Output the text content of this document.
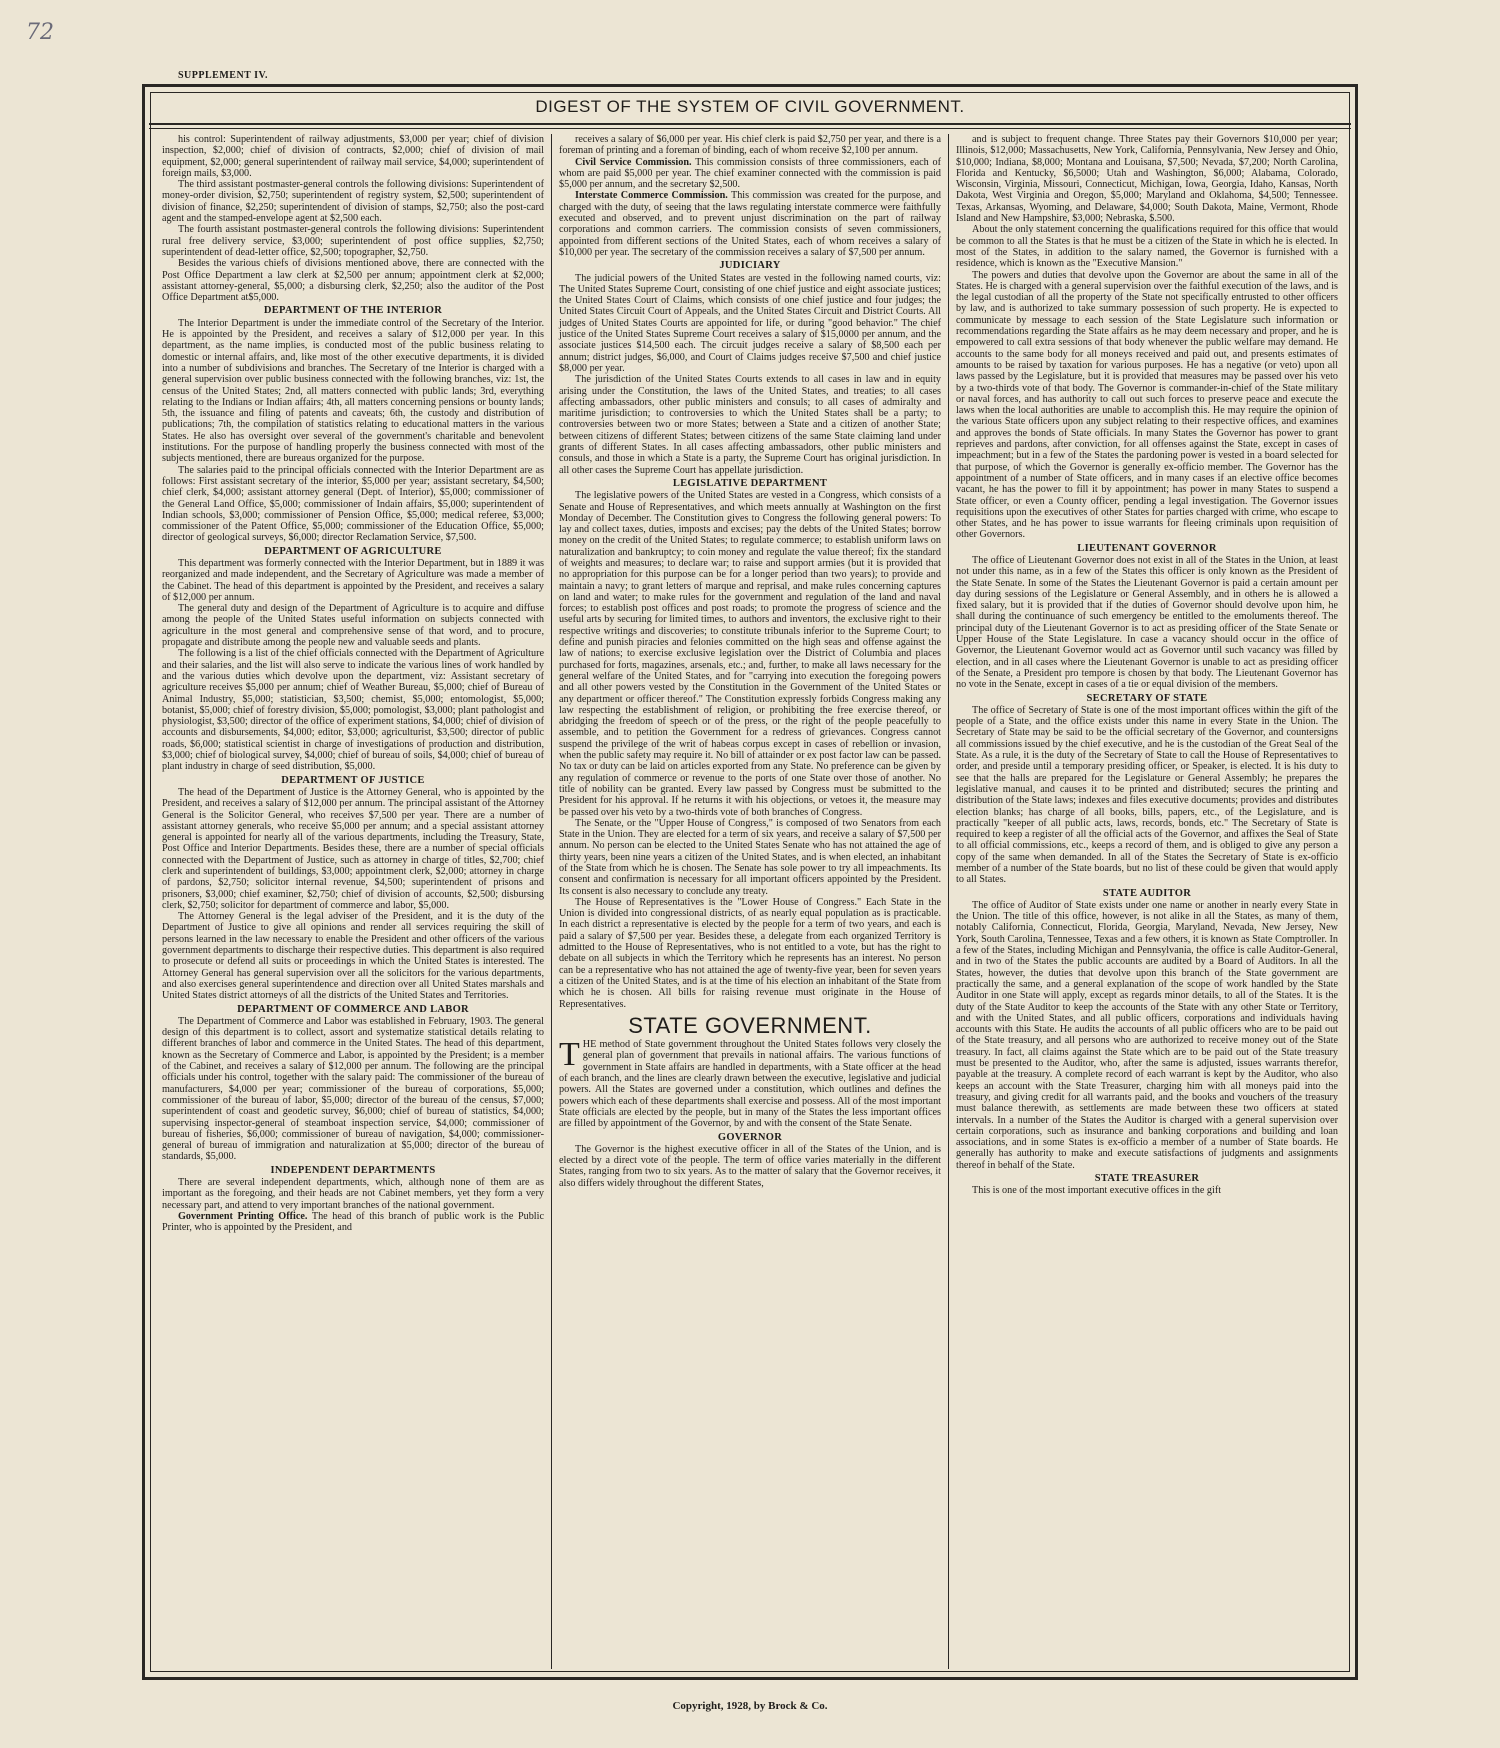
72
SUPPLEMENT IV.
DIGEST OF THE SYSTEM OF CIVIL GOVERNMENT.

his control: Superintendent of railway adjustments, $3,000 per year; chief of division inspection, $2,000; chief of division of contracts, $2,000; chief of division of mail equipment, $2,000; general superintendent of railway mail service, $4,000; superintendent of foreign mails, $3,000.

The third assistant postmaster-general controls the following divisions: Superintendent of money-order division, $2,750; superintendent of registry system, $2,500; superintendent of division of finance, $2,250; superintendent of division of stamps, $2,750; also the post-card agent and the stamped-envelope agent at $2,500 each.

The fourth assistant postmaster-general controls the following divisions: Superintendent rural free delivery service, $3,000; superintendent of post office supplies, $2,750; superintendent of dead-letter office, $2,500; topographer, $2,750.

Besides the various chiefs of divisions mentioned above, there are connected with the Post Office Department a law clerk at $2,500 per annum; appointment clerk at $2,000; assistant attorney-general, $5,000; a disbursing clerk, $2,250; also the auditor of the Post Office Department at$5,000.

DEPARTMENT OF THE INTERIOR

The Interior Department is under the immediate control of the Secretary of the Interior. He is appointed by the President, and receives a salary of $12,000 per year. In this department, as the name implies, is conducted most of the public business relating to domestic or internal affairs, and, like most of the other executive departments, it is divided into a number of subdivisions and branches. The Secretary of tne Interior is charged with a general supervision over public business connected with the following branches, viz: 1st, the census of the United States; 2nd, all matters connected with public lands; 3rd, everything relating to the Indians or Indian affairs; 4th, all matters concerning pensions or bounty lands; 5th, the issuance and filing of patents and caveats; 6th, the custody and distribution of publications; 7th, the compilation of statistics relating to educational matters in the various States. He also has oversight over several of the government's charitable and benevolent institutions. For the purpose of handling properly the business connected with most of the subjects mentioned, there are bureaus organized for the purpose.

The salaries paid to the principal officials connected with the Interior Department are as follows: First assistant secretary of the interior, $5,000 per year; assistant secretary, $4,500; chief clerk, $4,000; assistant attorney general (Dept. of Interior), $5,000; commissioner of the General Land Office, $5,000; commissioner of Indain affairs, $5,000; superintendent of Indian schools, $3,000; commissioner of Pension Office, $5,000; medical referee, $3,000; commissioner of the Patent Office, $5,000; commissioner of the Education Office, $5,000; director of geological surveys, $6,000; director Reclamation Service, $7,500.

DEPARTMENT OF AGRICULTURE

This department was formerly connected with the Interior Department, but in 1889 it was reorganized and made independent, and the Secretary of Agriculture was made a member of the Cabinet. The head of this department is appointed by the President, and receives a salary of $12,000 per annum.

The general duty and design of the Department of Agriculture is to acquire and diffuse among the people of the United States useful information on subjects connected with agriculture in the most general and comprehensive sense of that word, and to procure, propagate and distribute among the people new and valuable seeds and plants.

The following is a list of the chief officials connected with the Department of Agriculture and their salaries, and the list will also serve to indicate the various lines of work handled by and the various duties which devolve upon the department, viz: Assistant secretary of agriculture receives $5,000 per annum; chief of Weather Bureau, $5,000; chief of Bureau of Animal Industry, $5,000; statistician, $3,500; chemist, $5,000; entomologist, $5,000; botanist, $5,000; chief of forestry division, $5,000; pomologist, $3,000; plant pathologist and physiologist, $3,500; director of the office of experiment stations, $4,000; chief of division of accounts and disbursements, $4,000; editor, $3,000; agriculturist, $3,500; director of public roads, $6,000; statistical scientist in charge of investigations of production and distribution, $3,000; chief of biological survey, $4,000; chief of bureau of soils, $4,000; chief of bureau of plant industry in charge of seed distribution, $5,000.

DEPARTMENT OF JUSTICE

The head of the Department of Justice is the Attorney General, who is appointed by the President, and receives a salary of $12,000 per annum. The principal assistant of the Attorney General is the Solicitor General, who receives $7,500 per year. There are a number of assistant attorney generals, who receive $5,000 per annum; and a special assistant attorney general is appointed for nearly all of the various departments, including the Treasury, State, Post Office and Interior Departments. Besides these, there are a number of special officials connected with the Department of Justice, such as attorney in charge of titles, $2,700; chief clerk and superintendent of buildings, $3,000; appointment clerk, $2,000; attorney in charge of pardons, $2,750; solicitor internal revenue, $4,500; superintendent of prisons and prisoners, $3,000; chief examiner, $2,750; chief of division of accounts, $2,500; disbursing clerk, $2,750; solicitor for department of commerce and labor, $5,000.

The Attorney General is the legal adviser of the President, and it is the duty of the Department of Justice to give all opinions and render all services requiring the skill of persons learned in the law necessary to enable the President and other officers of the various government departments to discharge their respective duties. This department is also required to prosecute or defend all suits or proceedings in which the United States is interested. The Attorney General has general supervision over all the solicitors for the various departments, and also exercises general superintendence and direction over all United States marshals and United States district attorneys of all the districts of the United States and Territories.

DEPARTMENT OF COMMERCE AND LABOR

The Department of Commerce and Labor was established in February, 1903. The general design of this department is to collect, assort and systematize statistical details relating to different branches of labor and commerce in the United States. The head of this department, known as the Secretary of Commerce and Labor, is appointed by the President; is a member of the Cabinet, and receives a salary of $12,000 per annum. The following are the principal officials under his control, together with the salary paid: The commissioner of the bureau of manufacturers, $4,000 per year; commissioner of the bureau of corporations, $5,000; commissioner of the bureau of labor, $5,000; director of the bureau of the census, $7,000; superintendent of coast and geodetic survey, $6,000; chief of bureau of statistics, $4,000; supervising inspector-general of steamboat inspection service, $4,000; commissioner of bureau of fisheries, $6,000; commissioner of bureau of navigation, $4,000; commissioner-general of bureau of immigration and naturalization at $5,000; director of the bureau of standards, $5,000.

INDEPENDENT DEPARTMENTS

There are several independent departments, which, although none of them are as important as the foregoing, and their heads are not Cabinet members, yet they form a very necessary part, and attend to very important branches of the national government.

Government Printing Office. The head of this branch of public work is the Public Printer, who is appointed by the President, and

receives a salary of $6,000 per year. His chief clerk is paid $2,750 per year, and there is a foreman of printing and a foreman of binding, each of whom receive $2,100 per annum.

Civil Service Commission. This commission consists of three commissioners, each of whom are paid $5,000 per year. The chief examiner connected with the commission is paid $5,000 per annum, and the secretary $2,500.

Interstate Commerce Commission. This commission was created for the purpose, and charged with the duty, of seeing that the laws regulating interstate commerce were faithfully executed and observed, and to prevent unjust discrimination on the part of railway corporations and common carriers. The commission consists of seven commissioners, appointed from different sections of the United States, each of whom receives a salary of $10,000 per year. The secretary of the commission receives a salary of $7,500 per annum.

JUDICIARY

The judicial powers of the United States are vested in the following named courts, viz: The United States Supreme Court, consisting of one chief justice and eight associate justices; the United States Court of Claims, which consists of one chief justice and four judges; the United States Circuit Court of Appeals, and the United States Circuit and District Courts. All judges of United States Courts are appointed for life, or during "good behavior." The chief justice of the United States Supreme Court receives a salary of $15,0000 per annum, and the associate justices $14,500 each. The circuit judges receive a salary of $8,500 each per annum; district judges, $6,000, and Court of Claims judges receive $7,500 and chief justice $8,000 per year.

The jurisdiction of the United States Courts extends to all cases in law and in equity arising under the Constitution, the laws of the United States, and treaties; to all cases affecting ambassadors, other public ministers and consuls; to all cases of admiralty and maritime jurisdiction; to controversies to which the United States shall be a party; to controversies between two or more States; between a State and a citizen of another State; between citizens of different States; between citizens of the same State claiming land under grants of different States. In all cases affecting ambassadors, other public ministers and consuls, and those in which a State is a party, the Supreme Court has original jurisdiction. In all other cases the Supreme Court has appellate jurisdiction.

LEGISLATIVE DEPARTMENT

The legislative powers of the United States are vested in a Congress, which consists of a Senate and House of Representatives, and which meets annually at Washington on the first Monday of December. The Constitution gives to Congress the following general powers: To lay and collect taxes, duties, imposts and excises; pay the debts of the United States; borrow money on the credit of the United States; to regulate commerce; to establish uniform laws on naturalization and bankruptcy; to coin money and regulate the value thereof; fix the standard of weights and measures; to declare war; to raise and support armies (but it is provided that no appropriation for this purpose can be for a longer period than two years); to provide and maintain a navy; to grant letters of marque and reprisal, and make rules concerning captures on land and water; to make rules for the government and regulation of the land and naval forces; to establish post offices and post roads; to promote the progress of science and the useful arts by securing for limited times, to authors and inventors, the exclusive right to their respective writings and discoveries; to constitute tribunals inferior to the Supreme Court; to define and punish piracies and felonies committed on the high seas and offense against the law of nations; to exercise exclusive legislation over the District of Columbia and places purchased for forts, magazines, arsenals, etc.; and, further, to make all laws necessary for the general welfare of the United States, and for "carrying into execution the foregoing powers and all other powers vested by the Constitution in the Government of the United States or any department or officer thereof." The Constitution expressly forbids Congress making any law respecting the establishment of religion, or prohibiting the free exercise thereof, or abridging the freedom of speech or of the press, or the right of the people peacefully to assemble, and to petition the Government for a redress of grievances. Congress cannot suspend the privilege of the writ of habeas corpus except in cases of rebellion or invasion, when the public safety may require it. No bill of attainder or ex post factor law can be passed. No tax or duty can be laid on articles exported from any State. No preference can be given by any regulation of commerce or revenue to the ports of one State over those of another. No title of nobility can be granted. Every law passed by Congress must be submitted to the President for his approval. If he returns it with his objections, or vetoes it, the measure may be passed over his veto by a two-thirds vote of both branches of Congress.

The Senate, or the "Upper House of Congress," is composed of two Senators from each State in the Union. They are elected for a term of six years, and receive a salary of $7,500 per annum. No person can be elected to the United States Senate who has not attained the age of thirty years, been nine years a citizen of the United States, and is when elected, an inhabitant of the State from which he is chosen. The Senate has sole power to try all impeachments. Its consent and confirmation is necessary for all important officers appointed by the President. Its consent is also necessary to conclude any treaty.

The House of Representatives is the "Lower House of Congress." Each State in the Union is divided into congressional districts, of as nearly equal population as is practicable. In each district a representative is elected by the people for a term of two years, and each is paid a salary of $7,500 per year. Besides these, a delegate from each organized Territory is admitted to the House of Representatives, who is not entitled to a vote, but has the right to debate on all subjects in which the Territory which he represents has an interest. No person can be a representative who has not attained the age of twenty-five year, been for seven years a citizen of the United States, and is at the time of his election an inhabitant of the State from which he is chosen. All bills for raising revenue must originate in the House of Representatives.

STATE GOVERNMENT.

THE method of State government throughout the United States follows very closely the general plan of government that prevails in national affairs. The various functions of government in State affairs are handled in departments, with a State officer at the head of each branch, and the lines are clearly drawn between the executive, legislative and judicial powers. All the States are governed under a constitution, which outlines and defines the powers which each of these departments shall exercise and possess. All of the most important State officials are elected by the people, but in many of the States the less important offices are filled by appointment of the Governor, by and with the consent of the State Senate.

GOVERNOR

The Governor is the highest executive officer in all of the States of the Union, and is elected by a direct vote of the people. The term of office varies materially in the different States, ranging from two to six years. As to the matter of salary that the Governor receives, it also differs widely throughout the different States,

and is subject to frequent change. Three States pay their Governors $10,000 per year; Illinois, $12,000; Massachusetts, New York, California, Pennsylvania, New Jersey and Ohio, $10,000; Indiana, $8,000; Montana and Louisana, $7,500; Nevada, $7,200; North Carolina, Florida and Kentucky, $6,5000; Utah and Washington, $6,000; Alabama, Colorado, Wisconsin, Virginia, Missouri, Connecticut, Michigan, Iowa, Georgia, Idaho, Kansas, North Dakota, West Virginia and Oregon, $5,000; Maryland and Oklahoma, $4,500; Tennessee. Texas, Arkansas, Wyoming, and Delaware, $4,000; South Dakota, Maine, Vermont, Rhode Island and New Hampshire, $3,000; Nebraska, $.500.

About the only statement concerning the qualifications required for this office that would be common to all the States is that he must be a citizen of the State in which he is elected. In most of the States, in addition to the salary named, the Governor is furnished with a residence, which is known as the "Executive Mansion."

The powers and duties that devolve upon the Governor are about the same in all of the States. He is charged with a general supervision over the faithful execution of the laws, and is the legal custodian of all the property of the State not specifically entrusted to other officers by law, and is authorized to take summary possession of such property. He is expected to communicate by message to each session of the State Legislature such information or recommendations regarding the State affairs as he may deem necessary and proper, and he is empowered to call extra sessions of that body whenever the public welfare may demand. He accounts to the same body for all moneys received and paid out, and presents estimates of amounts to be raised by taxation for various purposes. He has a negative (or veto) upon all laws passed by the Legislature, but it is provided that measures may be passed over his veto by a two-thirds vote of that body. The Governor is commander-in-chief of the State military or naval forces, and has authority to call out such forces to preserve peace and execute the laws when the local authorities are unable to accomplish this. He may require the opinion of the various State officers upon any subject relating to their respective offices, and examines and approves the bonds of State officials. In many States the Governor has power to grant reprieves and pardons, after conviction, for all offenses against the State, except in cases of impeachment; but in a few of the States the pardoning power is vested in a board selected for that purpose, of which the Governor is generally ex-officio member. The Governor has the appointment of a number of State officers, and in many cases if an elective office becomes vacant, he has the power to fill it by appointment; has power in many States to suspend a State officer, or even a County officer, pending a legal investigation. The Governor issues requisitions upon the executives of other States for parties charged with crime, who escape to other States, and he has power to issue warrants for fleeing criminals upon requisition of other Governors.

LIEUTENANT GOVERNOR

The office of Lieutenant Governor does not exist in all of the States in the Union, at least not under this name, as in a few of the States this officer is only known as the President of the State Senate. In some of the States the Lieutenant Governor is paid a certain amount per day during sessions of the Legislature or General Assembly, and in others he is allowed a fixed salary, but it is provided that if the duties of Governor should devolve upon him, he shall during the continuance of such emergency be entitled to the emoluments thereof. The principal duty of the Lieutenant Governor is to act as presiding officer of the State Senate or Upper House of the State Legislature. In case a vacancy should occur in the office of Governor, the Lieutenant Governor would act as Governor until such vacancy was filled by election, and in all cases where the Lieutenant Governor is unable to act as presiding officer of the Senate, a President pro tempore is chosen by that body. The Lieutenant Governor has no vote in the Senate, except in cases of a tie or equal division of the members.

SECRETARY OF STATE

The office of Secretary of State is one of the most important offices within the gift of the people of a State, and the office exists under this name in every State in the Union. The Secretary of State may be said to be the official secretary of the Governor, and countersigns all commissions issued by the chief executive, and he is the custodian of the Great Seal of the State. As a rule, it is the duty of the Secretary of State to call the House of Representatives to order, and preside until a temporary presiding officer, or Speaker, is elected. It is his duty to see that the halls are prepared for the Legislature or General Assembly; he prepares the legislative manual, and causes it to be printed and distributed; secures the printing and distribution of the State laws; indexes and files executive documents; provides and distributes election blanks; has charge of all books, bills, papers, etc., of the Legislature, and is practically "keeper of all public acts, laws, records, bonds, etc." The Secretary of State is required to keep a register of all the official acts of the Governor, and affixes the Seal of State to all official commissions, etc., keeps a record of them, and is obliged to give any person a copy of the same when demanded. In all of the States the Secretary of State is ex-officio member of a number of the State boards, but no list of these could be given that would apply to all States.

STATE AUDITOR

The office of Auditor of State exists under one name or another in nearly every State in the Union. The title of this office, however, is not alike in all the States, as many of them, notably California, Connecticut, Florida, Georgia, Maryland, Nevada, New Jersey, New York, South Carolina, Tennessee, Texas and a few others, it is known as State Comptroller. In a few of the States, including Michigan and Pennsylvania, the office is calle Auditor-General, and in two of the States the public accounts are audited by a Board of Auditors. In all the States, however, the duties that devolve upon this branch of the State government are practically the same, and a general explanation of the scope of work handled by the State Auditor in one State will apply, except as regards minor details, to all of the States. It is the duty of the State Auditor to keep the accounts of the State with any other State or Territory, and with the United States, and all public officers, corporations and individuals having accounts with this State. He audits the accounts of all public officers who are to be paid out of the State treasury, and all persons who are authorized to receive money out of the State treasury. In fact, all claims against the State which are to be paid out of the State treasury must be presented to the Auditor, who, after the same is adjusted, issues warrants therefor, payable at the treasury. A complete record of each warrant is kept by the Auditor, who also keeps an account with the State Treasurer, charging him with all moneys paid into the treasury, and giving credit for all warrants paid, and the books and vouchers of the treasury must balance therewith, as settlements are made between these two officers at stated intervals. In a number of the States the Auditor is charged with a general supervision over certain corporations, such as insurance and banking corporations and building and loan associations, and in some States is ex-officio a member of a number of State boards. He generally has authority to make and execute satisfactions of judgments and assignments thereof in behalf of the State.

STATE TREASURER

This is one of the most important executive offices in the gift

Copyright, 1928, by Brock & Co.
